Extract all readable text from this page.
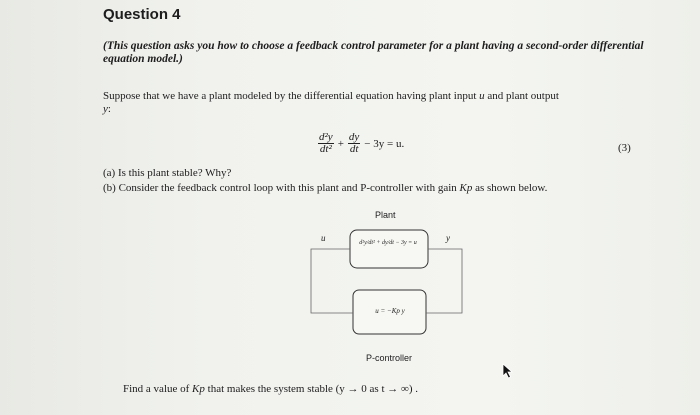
Question 4
(This question asks you how to choose a feedback control parameter for a plant having a second-order differential equation model.)
Suppose that we have a plant modeled by the differential equation having plant input u and plant output
y:
$\frac{\text{d²y}}{\text{dt²}} + \frac{dy}{dt} - 3y = u$.	(3)
(a) Is this plant stable? Why?
(b) Consider the feedback control loop with this plant and P-controller with gain Kp as shown below.
Plant
u	y
d²y/dt² + dy/dt − 3y = u
u = −Kp y
P-controller
Find a value of Kp that makes the system stable (y → 0 as t → ∞) .
